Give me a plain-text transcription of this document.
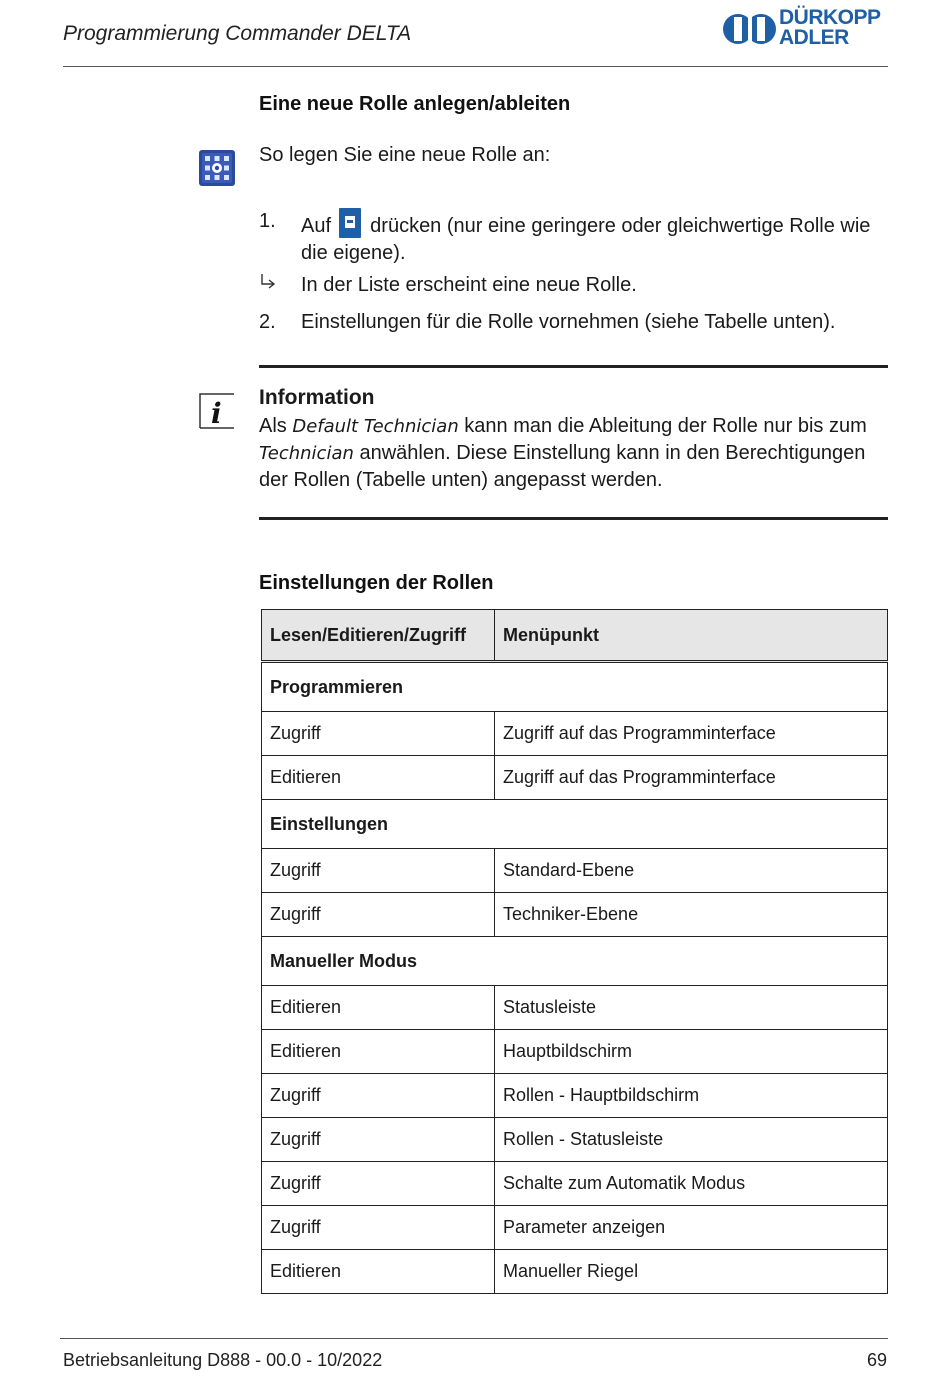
Programmierung Commander DELTA
DÜRKOPP
ADLER
Eine neue Rolle anlegen/ableiten
So legen Sie eine neue Rolle an:
1. Auf drücken (nur eine geringere oder gleichwertige Rolle wie die eigene).
In der Liste erscheint eine neue Rolle.
2. Einstellungen für die Rolle vornehmen (siehe Tabelle unten).
i Information
Als Default Technician kann man die Ableitung der Rolle nur bis zum Technician anwählen. Diese Einstellung kann in den Berechtigungen der Rollen (Tabelle unten) angepasst werden.
Einstellungen der Rollen
Lesen/Editieren/Zugriff	Menüpunkt
Programmieren	
Zugriff	Zugriff auf das Programminterface
Editieren	Zugriff auf das Programminterface
Einstellungen	
Zugriff	Standard-Ebene
Zugriff	Techniker-Ebene
Manueller Modus	
Editieren	Statusleiste
Editieren	Hauptbildschirm
Zugriff	Rollen - Hauptbildschirm
Zugriff	Rollen - Statusleiste
Zugriff	Schalte zum Automatik Modus
Zugriff	Parameter anzeigen
Editieren	Manueller Riegel
Betriebsanleitung D888 - 00.0 - 10/2022	69
